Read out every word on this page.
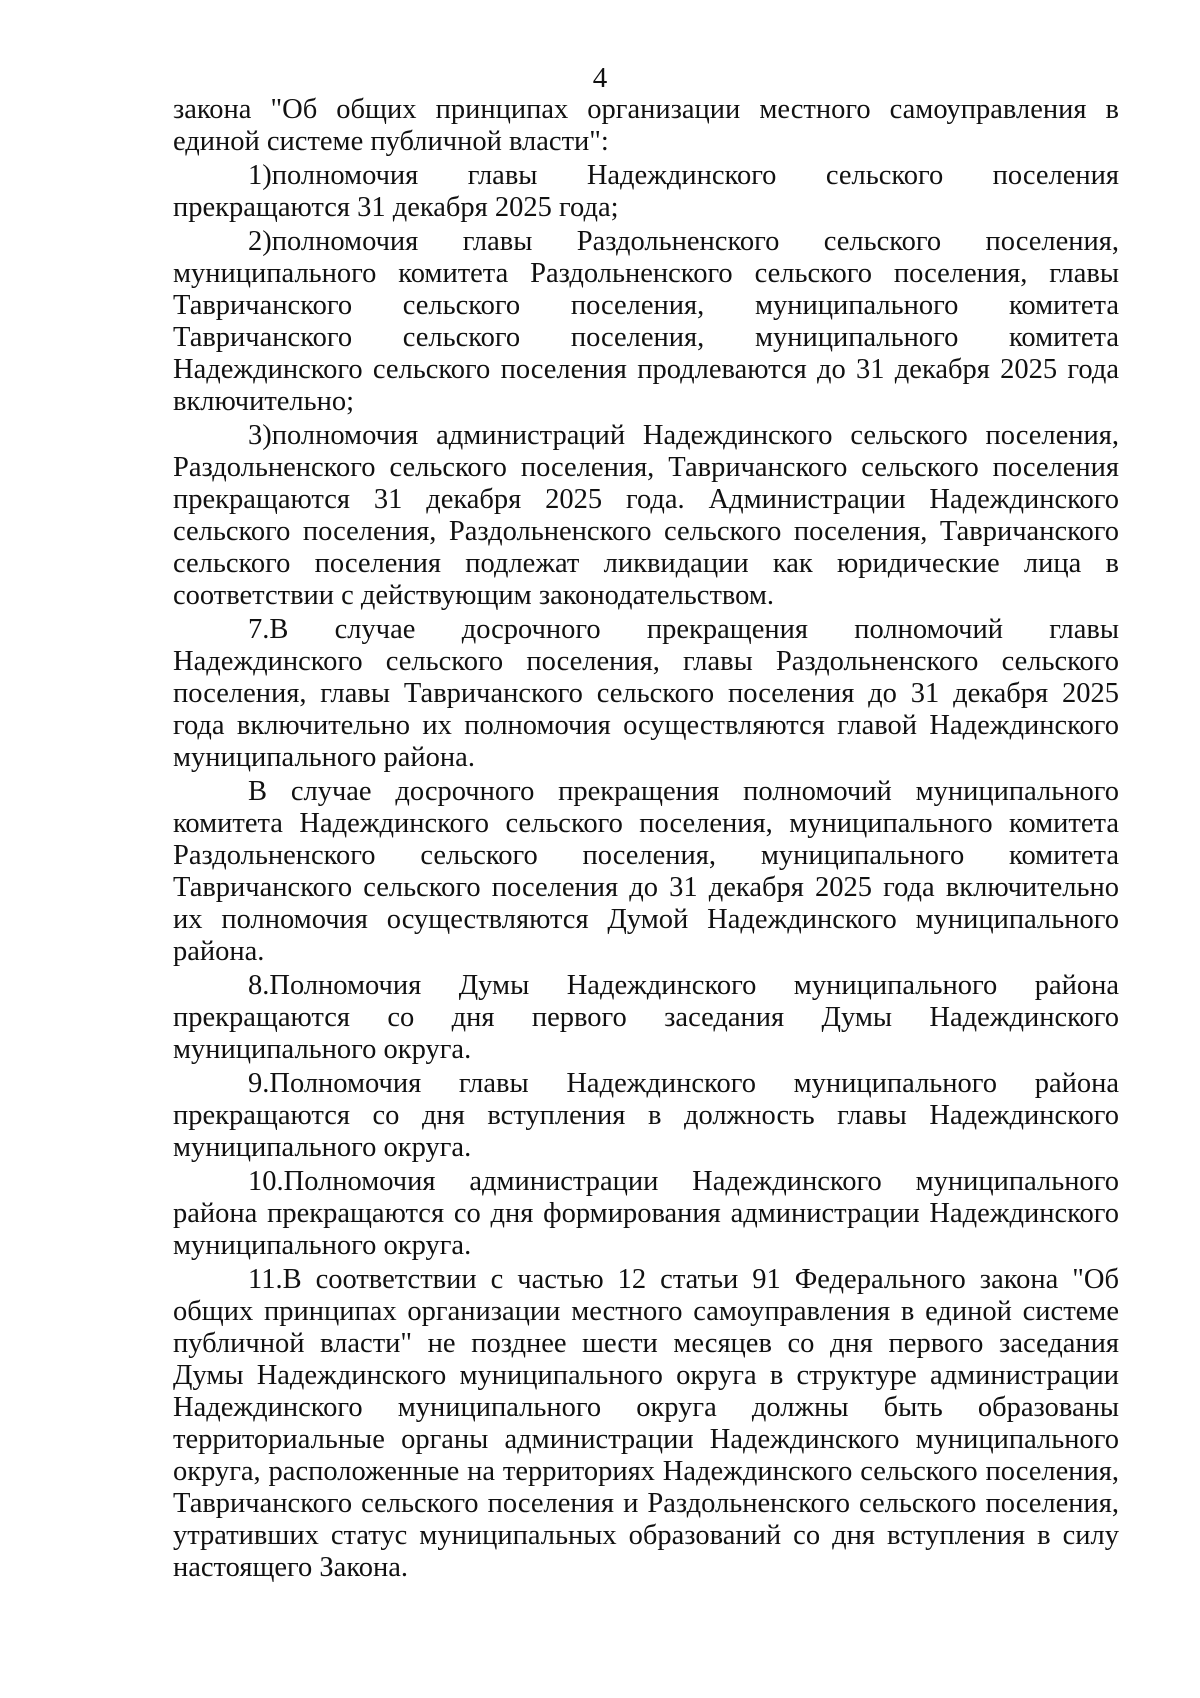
4

закона "Об общих принципах организации местного самоуправления в единой системе публичной власти":

1)полномочия главы Надеждинского сельского поселения прекращаются 31 декабря 2025 года;

2)полномочия главы Раздольненского сельского поселения, муниципального комитета Раздольненского сельского поселения, главы Тавричанского сельского поселения, муниципального комитета Тавричанского сельского поселения, муниципального комитета Надеждинского сельского поселения продлеваются до 31 декабря 2025 года включительно;

3)полномочия администраций Надеждинского сельского поселения, Раздольненского сельского поселения, Тавричанского сельского поселения прекращаются 31 декабря 2025 года. Администрации Надеждинского сельского поселения, Раздольненского сельского поселения, Тавричанского сельского поселения подлежат ликвидации как юридические лица в соответствии с действующим законодательством.

7.В случае досрочного прекращения полномочий главы Надеждинского сельского поселения, главы Раздольненского сельского поселения, главы Тавричанского сельского поселения до 31 декабря 2025 года включительно их полномочия осуществляются главой Надеждинского муниципального района.

В случае досрочного прекращения полномочий муниципального комитета Надеждинского сельского поселения, муниципального комитета Раздольненского сельского поселения, муниципального комитета Тавричанского сельского поселения до 31 декабря 2025 года включительно их полномочия осуществляются Думой Надеждинского муниципального района.

8.Полномочия Думы Надеждинского муниципального района прекращаются со дня первого заседания Думы Надеждинского муниципального округа.

9.Полномочия главы Надеждинского муниципального района прекращаются со дня вступления в должность главы Надеждинского муниципального округа.

10.Полномочия администрации Надеждинского муниципального района прекращаются со дня формирования администрации Надеждинского муниципального округа.

11.В соответствии с частью 12 статьи 91 Федерального закона "Об общих принципах организации местного самоуправления в единой системе публичной власти" не позднее шести месяцев со дня первого заседания Думы Надеждинского муниципального округа в структуре администрации Надеждинского муниципального округа должны быть образованы территориальные органы администрации Надеждинского муниципального округа, расположенные на территориях Надеждинского сельского поселения, Тавричанского сельского поселения и Раздольненского сельского поселения, утративших статус муниципальных образований со дня вступления в силу настоящего Закона.
